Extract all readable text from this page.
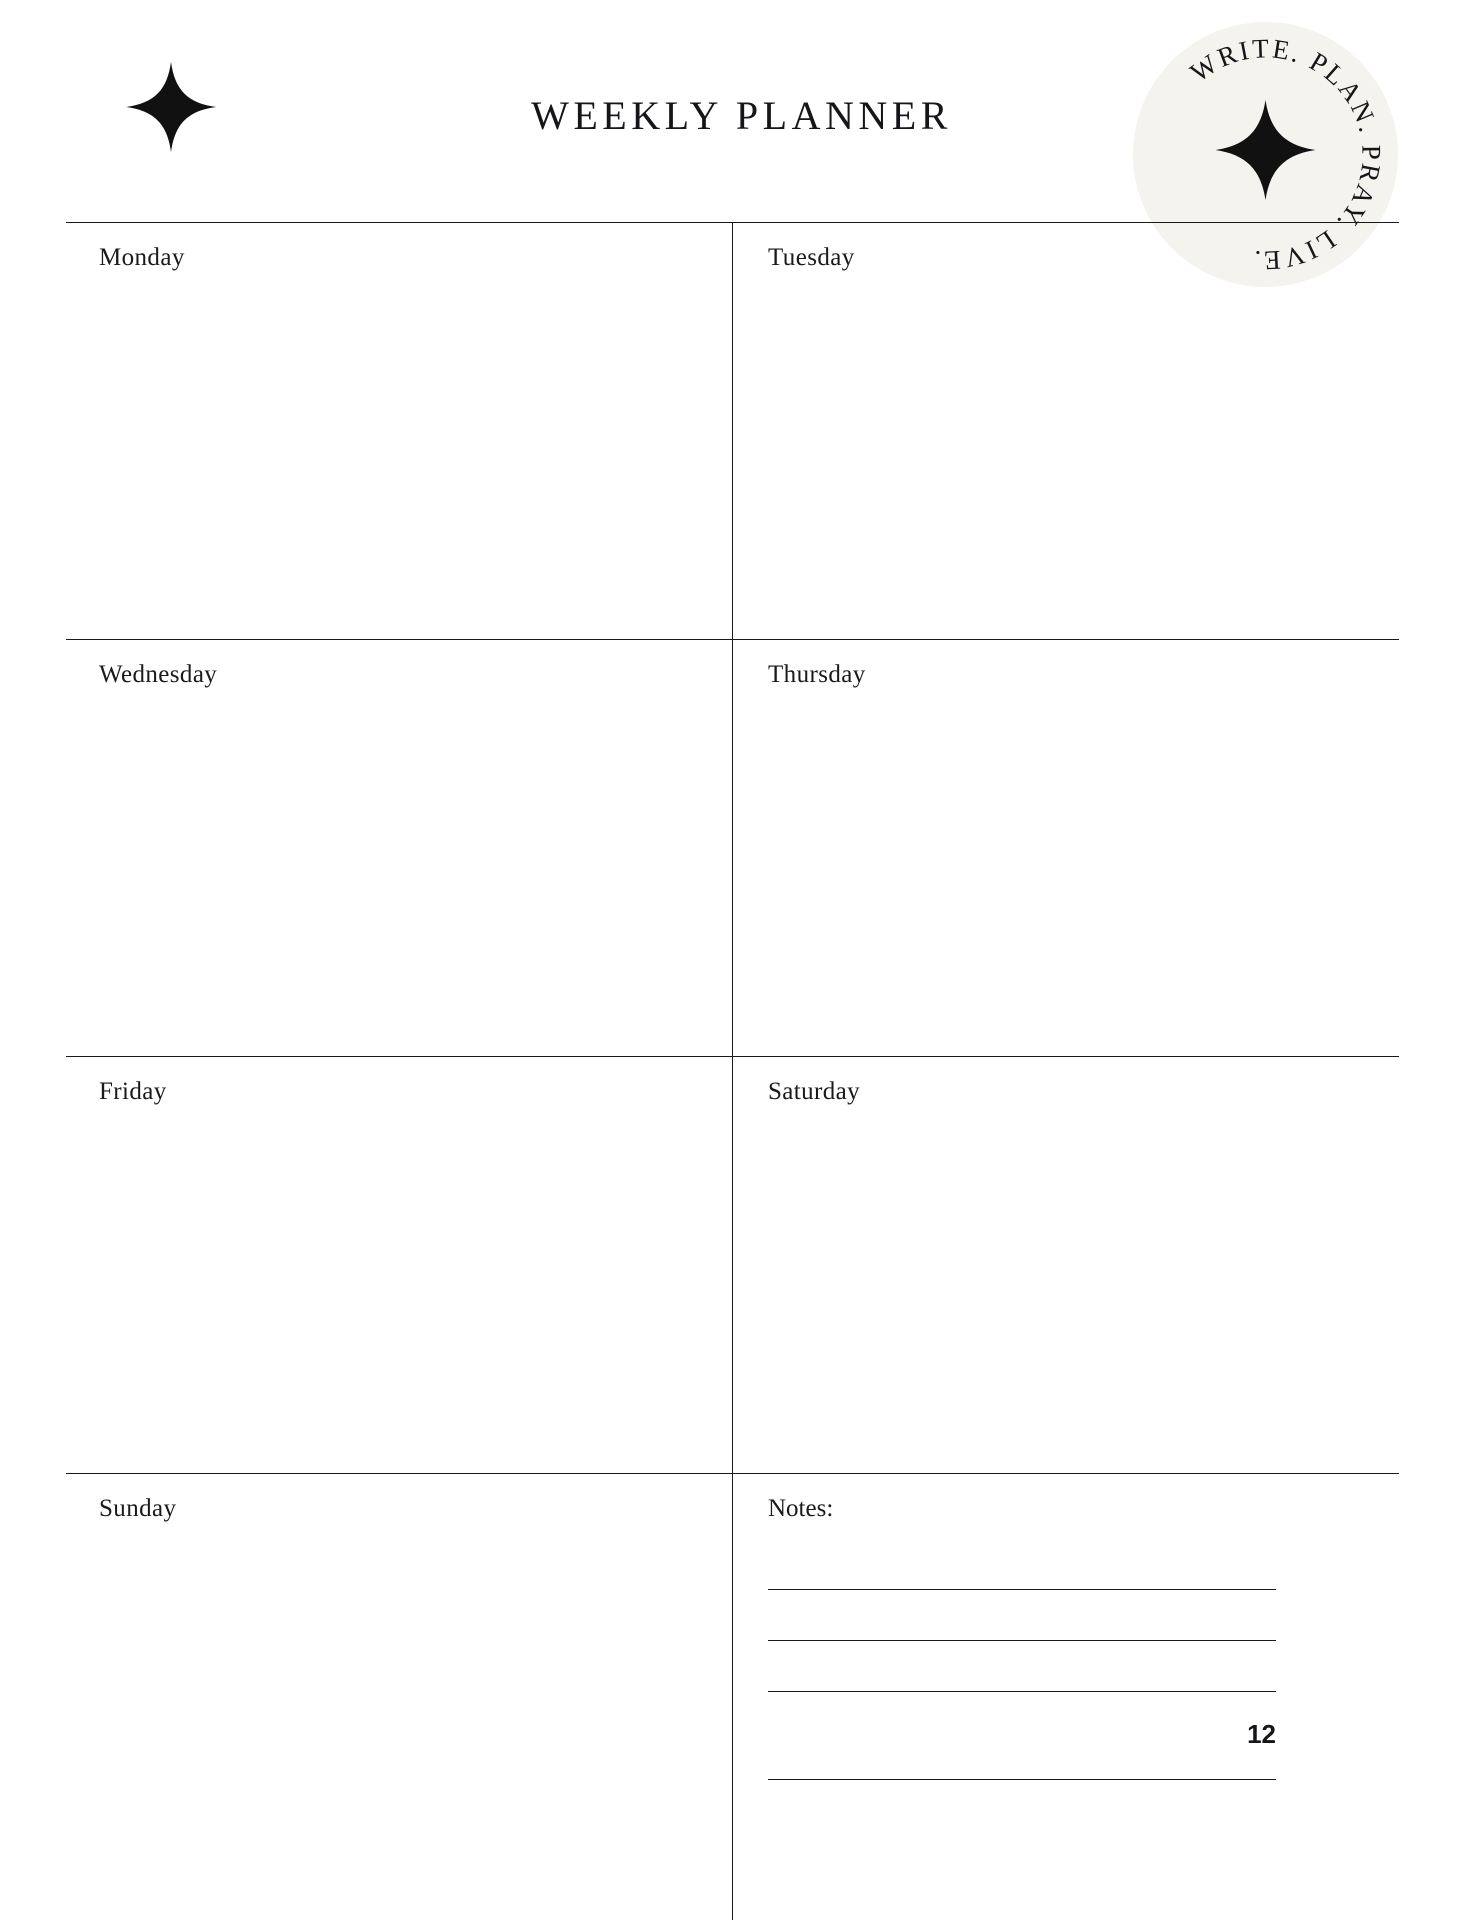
WEEKLY PLANNER
WRITE. PLAN. PRAY. LIVE.
Monday	Tuesday
Wednesday	Thursday
Friday	Saturday
Sunday	Notes:
12
